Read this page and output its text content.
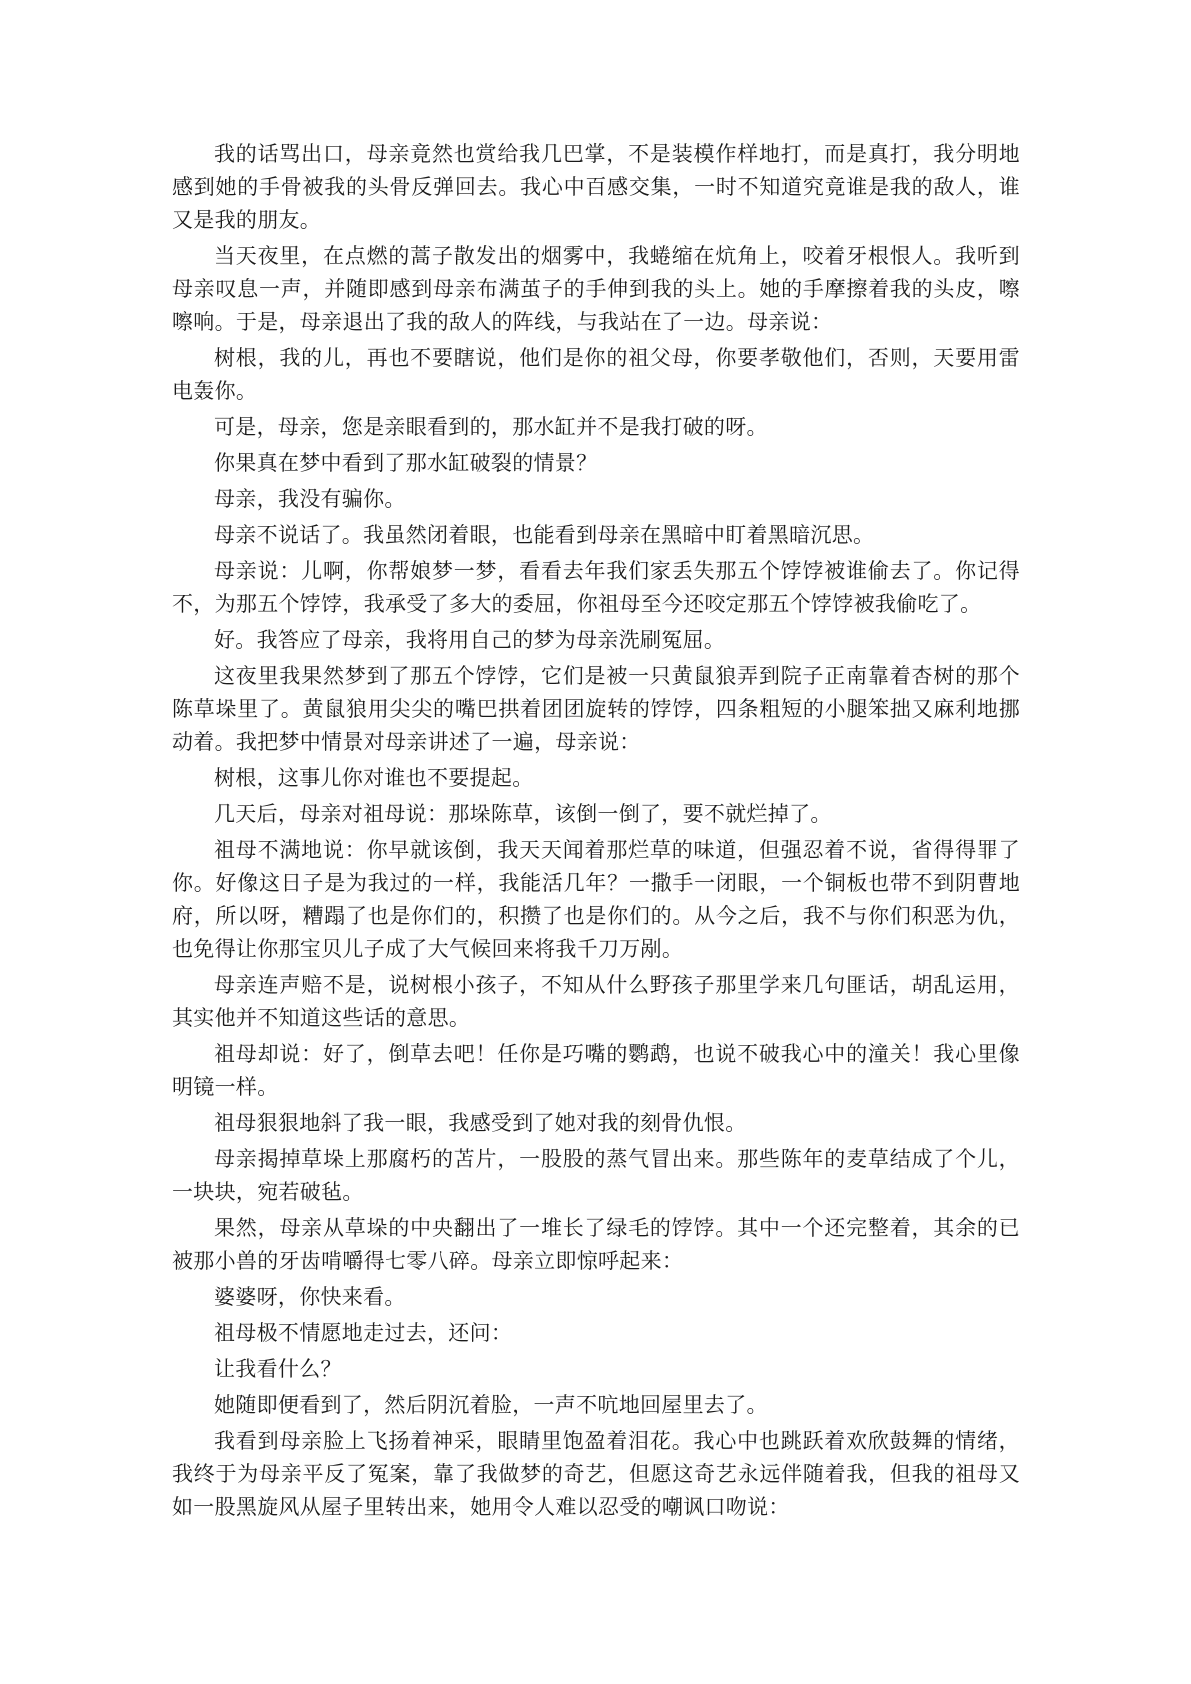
我的话骂出口，母亲竟然也赏给我几巴掌，不是装模作样地打，而是真打，我分明地感到她的手骨被我的头骨反弹回去。我心中百感交集，一时不知道究竟谁是我的敌人，谁又是我的朋友。

当天夜里，在点燃的蒿子散发出的烟雾中，我蜷缩在炕角上，咬着牙根恨人。我听到母亲叹息一声，并随即感到母亲布满茧子的手伸到我的头上。她的手摩擦着我的头皮，嚓嚓响。于是，母亲退出了我的敌人的阵线，与我站在了一边。母亲说：

树根，我的儿，再也不要瞎说，他们是你的祖父母，你要孝敬他们，否则，天要用雷电轰你。

可是，母亲，您是亲眼看到的，那水缸并不是我打破的呀。

你果真在梦中看到了那水缸破裂的情景？

母亲，我没有骗你。

母亲不说话了。我虽然闭着眼，也能看到母亲在黑暗中盯着黑暗沉思。

母亲说：儿啊，你帮娘梦一梦，看看去年我们家丢失那五个饽饽被谁偷去了。你记得不，为那五个饽饽，我承受了多大的委屈，你祖母至今还咬定那五个饽饽被我偷吃了。

好。我答应了母亲，我将用自己的梦为母亲洗刷冤屈。

这夜里我果然梦到了那五个饽饽，它们是被一只黄鼠狼弄到院子正南靠着杏树的那个陈草垛里了。黄鼠狼用尖尖的嘴巴拱着团团旋转的饽饽，四条粗短的小腿笨拙又麻利地挪动着。我把梦中情景对母亲讲述了一遍，母亲说：

树根，这事儿你对谁也不要提起。

几天后，母亲对祖母说：那垛陈草，该倒一倒了，要不就烂掉了。

祖母不满地说：你早就该倒，我天天闻着那烂草的味道，但强忍着不说，省得得罪了你。好像这日子是为我过的一样，我能活几年？一撒手一闭眼，一个铜板也带不到阴曹地府，所以呀，糟蹋了也是你们的，积攒了也是你们的。从今之后，我不与你们积恶为仇，也免得让你那宝贝儿子成了大气候回来将我千刀万剐。

母亲连声赔不是，说树根小孩子，不知从什么野孩子那里学来几句匪话，胡乱运用，其实他并不知道这些话的意思。

祖母却说：好了，倒草去吧！任你是巧嘴的鹦鹉，也说不破我心中的潼关！我心里像明镜一样。

祖母狠狠地斜了我一眼，我感受到了她对我的刻骨仇恨。

母亲揭掉草垛上那腐朽的苫片，一股股的蒸气冒出来。那些陈年的麦草结成了个儿，一块块，宛若破毡。

果然，母亲从草垛的中央翻出了一堆长了绿毛的饽饽。其中一个还完整着，其余的已被那小兽的牙齿啃嚼得七零八碎。母亲立即惊呼起来：

婆婆呀，你快来看。

祖母极不情愿地走过去，还问：

让我看什么？

她随即便看到了，然后阴沉着脸，一声不吭地回屋里去了。

我看到母亲脸上飞扬着神采，眼睛里饱盈着泪花。我心中也跳跃着欢欣鼓舞的情绪，我终于为母亲平反了冤案，靠了我做梦的奇艺，但愿这奇艺永远伴随着我，但我的祖母又如一股黑旋风从屋子里转出来，她用令人难以忍受的嘲讽口吻说：
